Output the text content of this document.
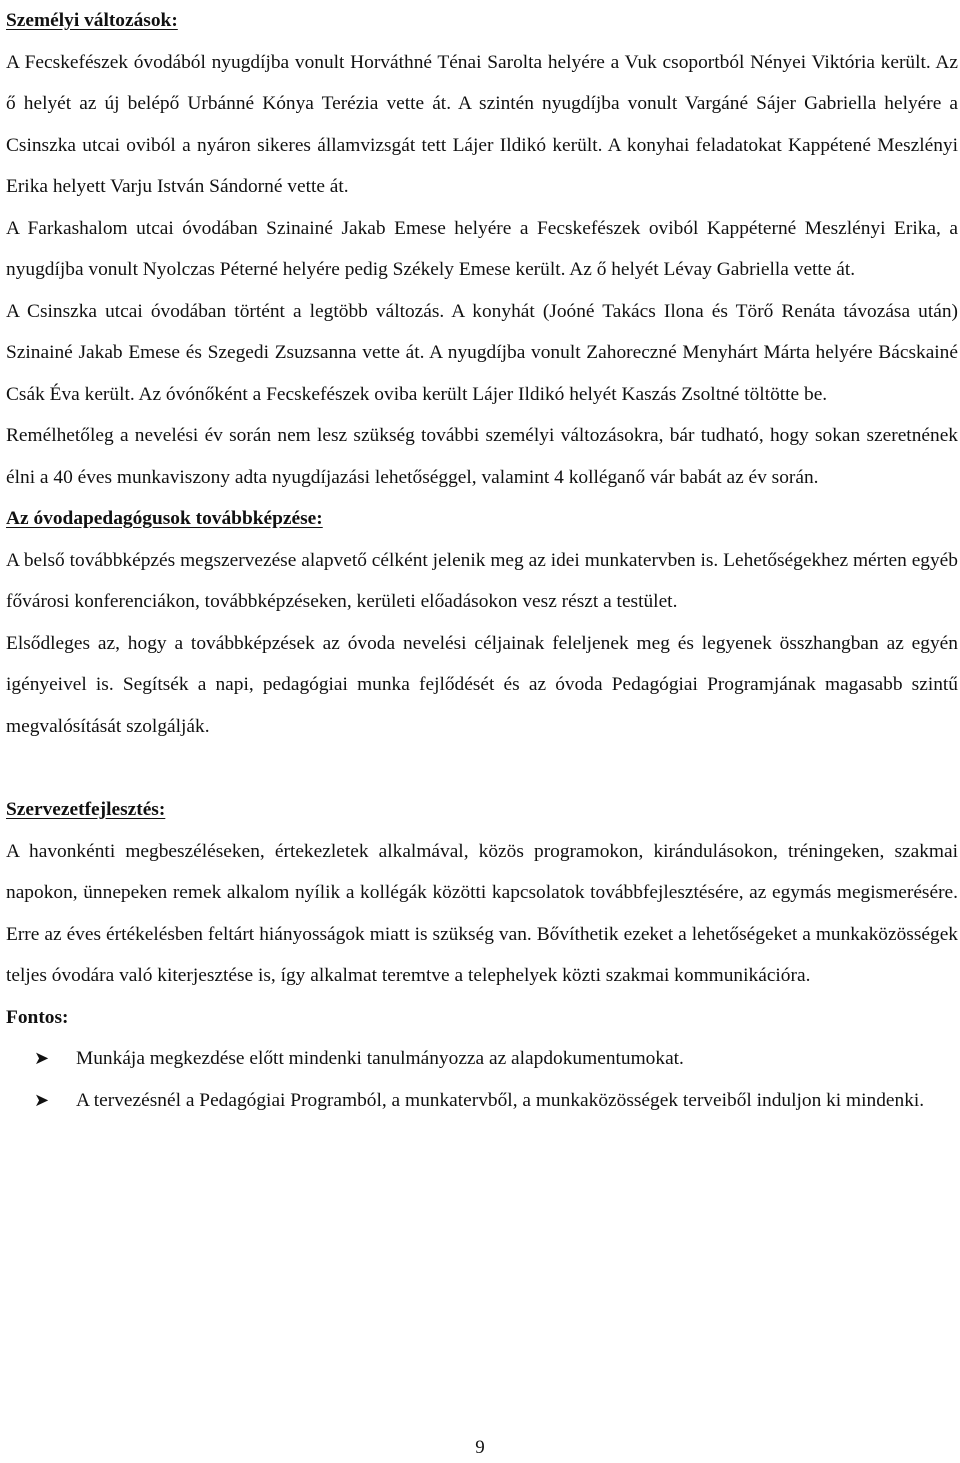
Személyi változások:

A Fecskefészek óvodából nyugdíjba vonult Horváthné Ténai Sarolta helyére a Vuk csoportból Nényei Viktória került. Az ő helyét az új belépő Urbánné Kónya Terézia vette át. A szintén nyugdíjba vonult Vargáné Sájer Gabriella helyére a Csinszka utcai oviból a nyáron sikeres államvizsgát tett Lájer Ildikó került. A konyhai feladatokat Kappétené Meszlényi Erika helyett Varju István Sándorné vette át.

A Farkashalom utcai óvodában Szinainé Jakab Emese helyére a Fecskefészek oviból Kappéterné Meszlényi Erika, a nyugdíjba vonult Nyolczas Péterné helyére pedig Székely Emese került. Az ő helyét Lévay Gabriella vette át.

A Csinszka utcai óvodában történt a legtöbb változás. A konyhát (Joóné Takács Ilona és Törő Renáta távozása után) Szinainé Jakab Emese és Szegedi Zsuzsanna vette át. A nyugdíjba vonult Zahoreczné Menyhárt Márta helyére Bácskainé Csák Éva került. Az óvónőként a Fecskefészek oviba került Lájer Ildikó helyét Kaszás Zsoltné töltötte be.

Remélhetőleg a nevelési év során nem lesz szükség további személyi változásokra, bár tudható, hogy sokan szeretnének élni a 40 éves munkaviszony adta nyugdíjazási lehetőséggel, valamint 4 kolléganő vár babát az év során.

Az óvodapedagógusok továbbképzése:

A belső továbbképzés megszervezése alapvető célként jelenik meg az idei munkatervben is. Lehetőségekhez mérten egyéb fővárosi konferenciákon, továbbképzéseken, kerületi előadásokon vesz részt a testület.

Elsődleges az, hogy a továbbképzések az óvoda nevelési céljainak feleljenek meg és legyenek összhangban az egyén igényeivel is. Segítsék a napi, pedagógiai munka fejlődését és az óvoda Pedagógiai Programjának magasabb szintű megvalósítását szolgálják.

Szervezetfejlesztés:

A havonkénti megbeszéléseken, értekezletek alkalmával, közös programokon, kirándulásokon, tréningeken, szakmai napokon, ünnepeken remek alkalom nyílik a kollégák közötti kapcsolatok továbbfejlesztésére, az egymás megismerésére. Erre az éves értékelésben feltárt hiányosságok miatt is szükség van. Bővíthetik ezeket a lehetőségeket a munkaközösségek teljes óvodára való kiterjesztése is, így alkalmat teremtve a telephelyek közti szakmai kommunikációra.

Fontos:
➤ Munkája megkezdése előtt mindenki tanulmányozza az alapdokumentumokat.
➤ A tervezésnél a Pedagógiai Programból, a munkatervből, a munkaközösségek terveiből induljon ki mindenki.
9
